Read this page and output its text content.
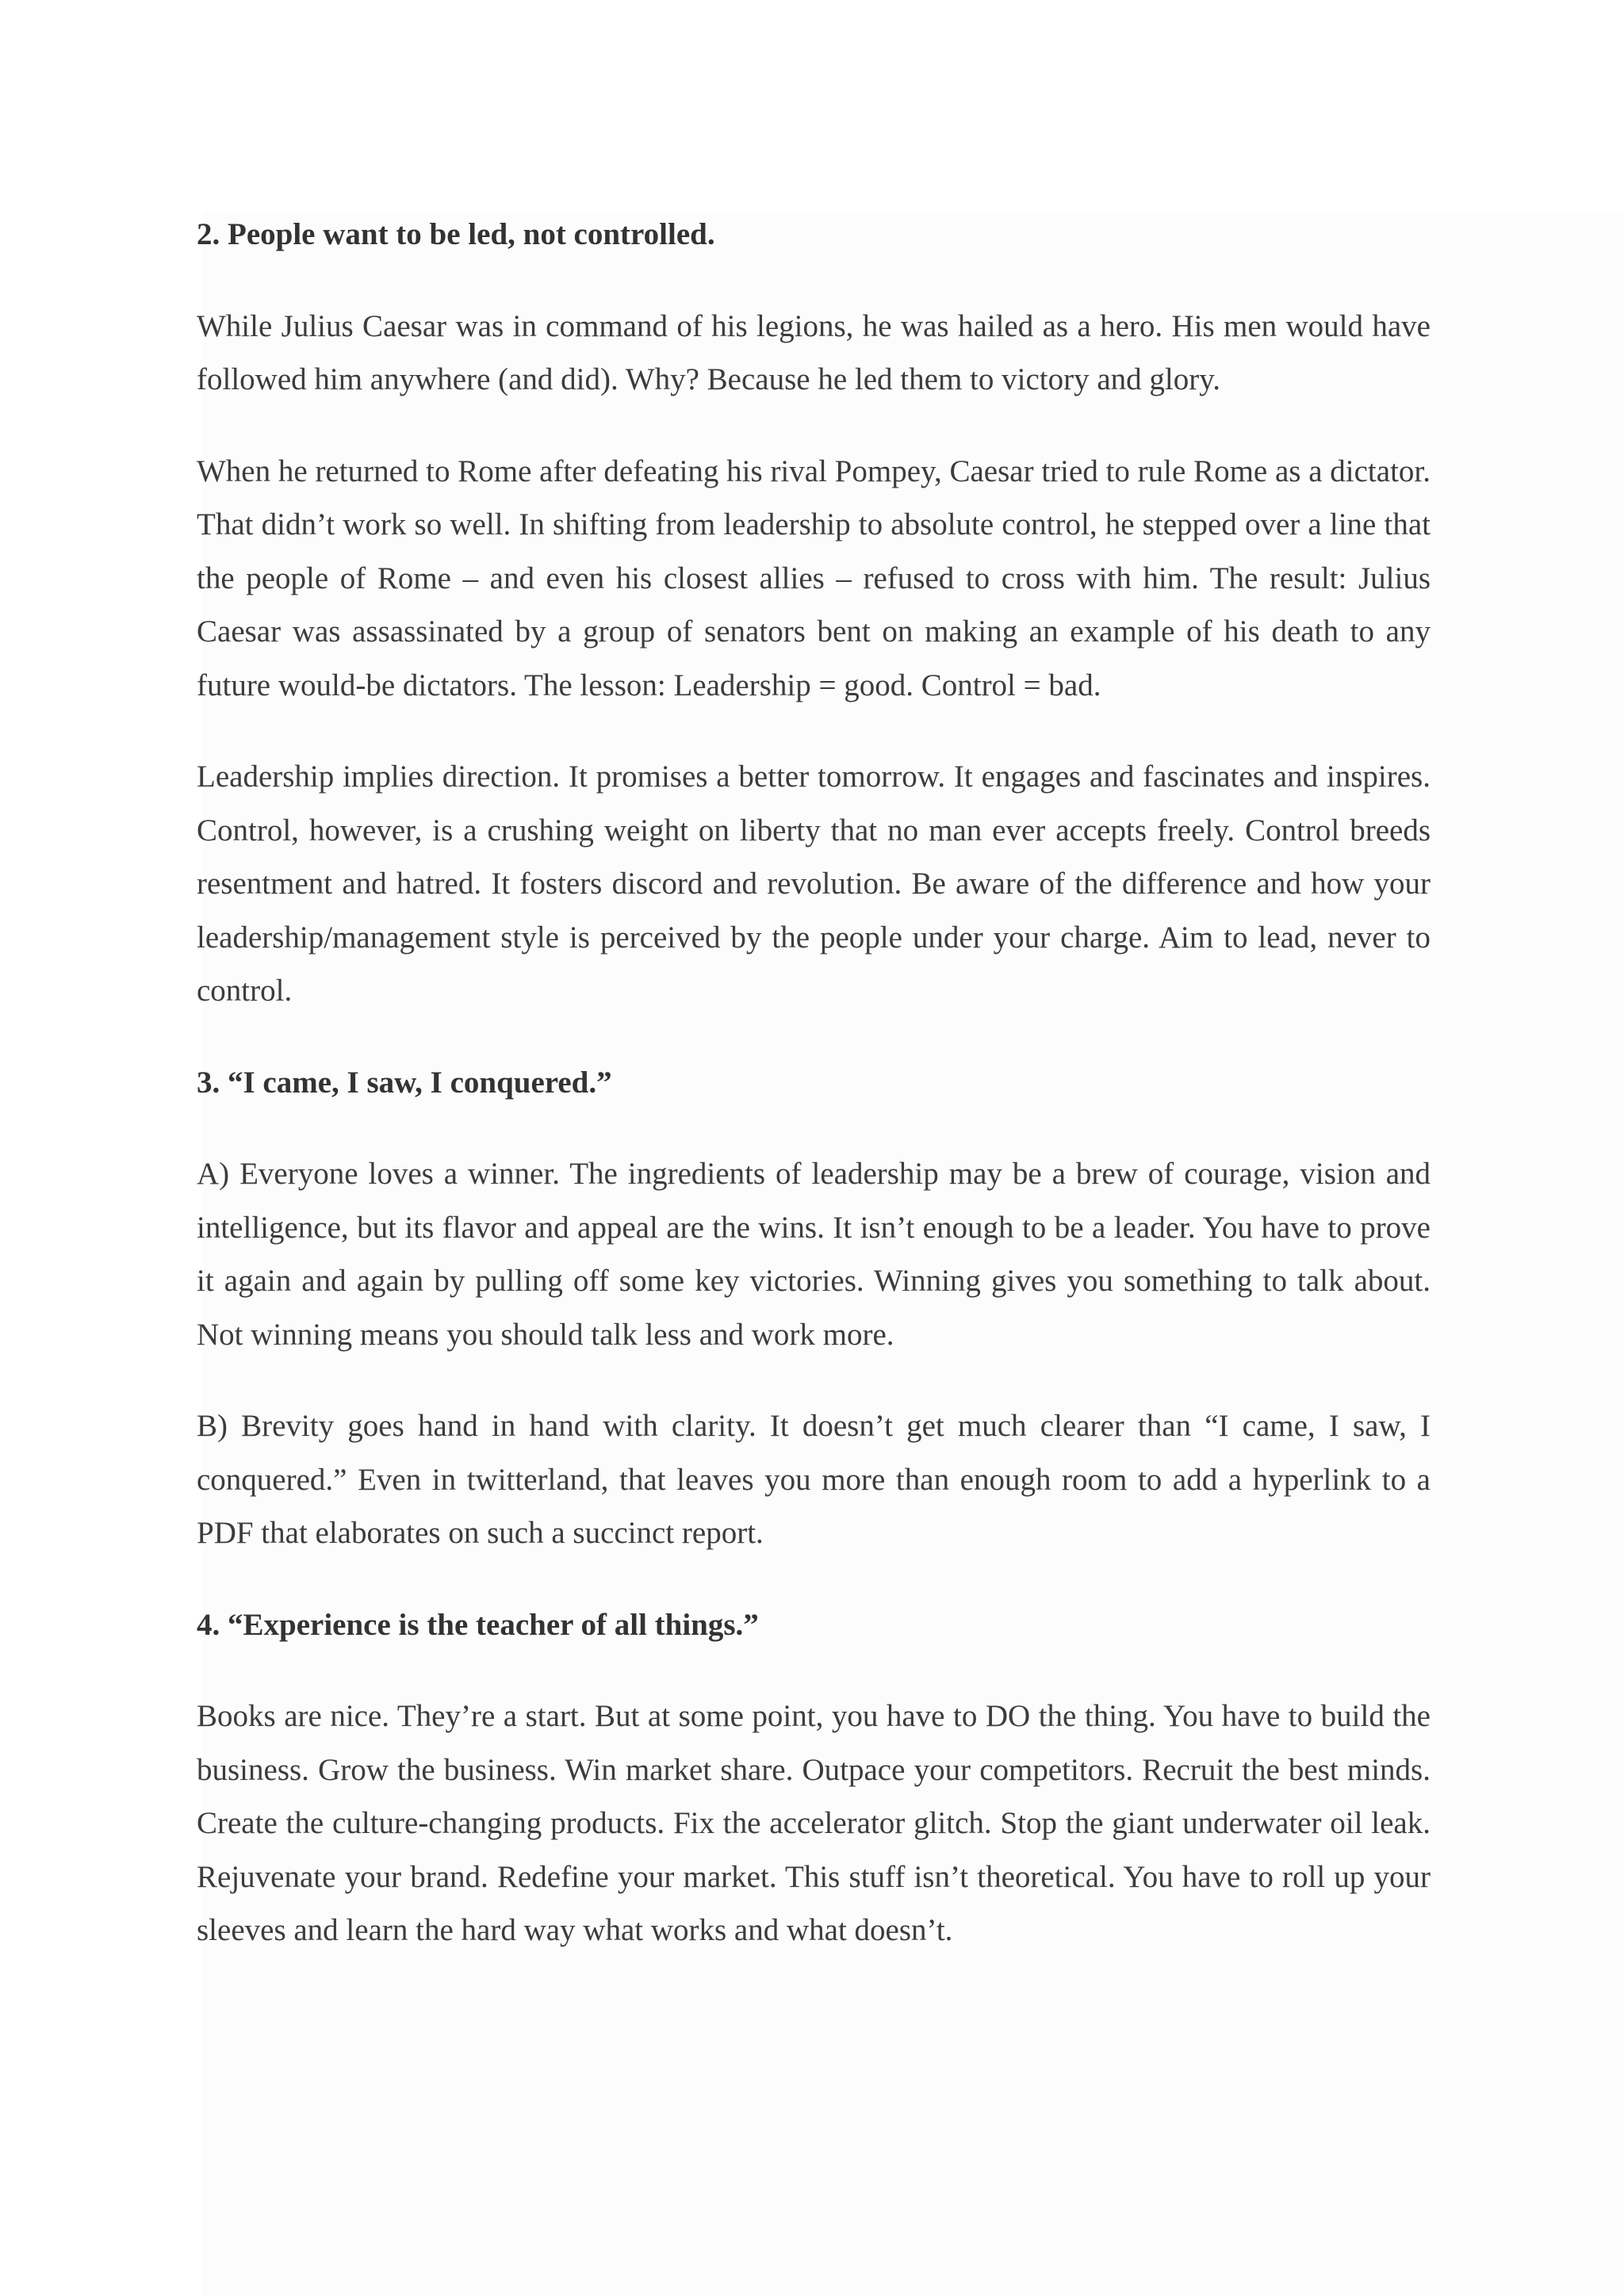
2. People want to be led, not controlled.

While Julius Caesar was in command of his legions, he was hailed as a hero. His men would have followed him anywhere (and did). Why? Because he led them to victory and glory.

When he returned to Rome after defeating his rival Pompey, Caesar tried to rule Rome as a dictator. That didn’t work so well. In shifting from leadership to absolute control, he stepped over a line that the people of Rome – and even his closest allies – refused to cross with him. The result: Julius Caesar was assassinated by a group of senators bent on making an example of his death to any future would-be dictators. The lesson: Leadership = good. Control = bad.

Leadership implies direction. It promises a better tomorrow. It engages and fascinates and inspires. Control, however, is a crushing weight on liberty that no man ever accepts freely. Control breeds resentment and hatred. It fosters discord and revolution. Be aware of the difference and how your leadership/management style is perceived by the people under your charge. Aim to lead, never to control.

3. “I came, I saw, I conquered.”

A) Everyone loves a winner. The ingredients of leadership may be a brew of courage, vision and intelligence, but its flavor and appeal are the wins. It isn’t enough to be a leader. You have to prove it again and again by pulling off some key victories. Winning gives you something to talk about. Not winning means you should talk less and work more.

B) Brevity goes hand in hand with clarity. It doesn’t get much clearer than “I came, I saw, I conquered.” Even in twitterland, that leaves you more than enough room to add a hyperlink to a PDF that elaborates on such a succinct report.

4. “Experience is the teacher of all things.”

Books are nice. They’re a start. But at some point, you have to DO the thing. You have to build the business. Grow the business. Win market share. Outpace your competitors. Recruit the best minds. Create the culture-changing products. Fix the accelerator glitch. Stop the giant underwater oil leak. Rejuvenate your brand. Redefine your market. This stuff isn’t theoretical. You have to roll up your sleeves and learn the hard way what works and what doesn’t.
